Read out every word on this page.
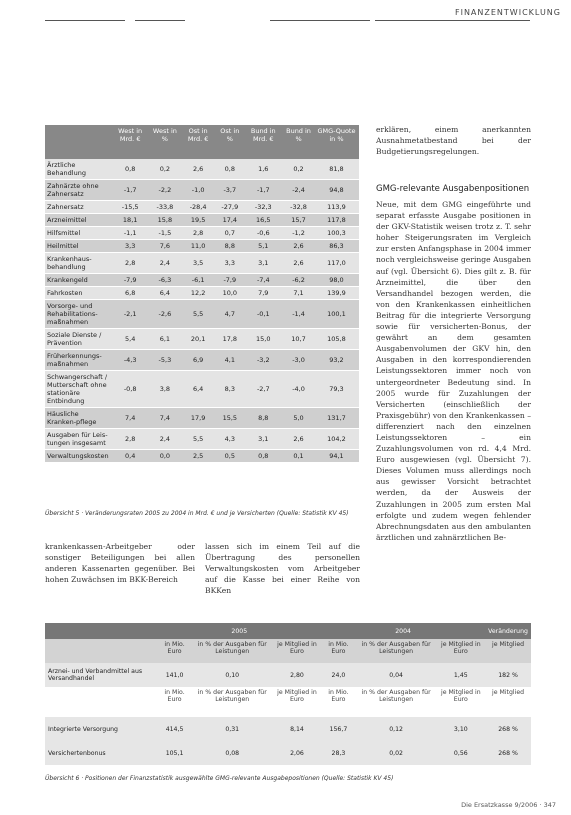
FINANZENTWICKLUNG
	West in Mrd. €	West in %	Ost in Mrd. €	Ost in %	Bund in Mrd. €	Bund in %	GMG-Quote in %
Ärztliche Behandlung	0,8	0,2	2,6	0,8	1,6	0,2	81,8
Zahnärzte ohne Zahnersatz	-1,7	-2,2	-1,0	-3,7	-1,7	-2,4	94,8
Zahnersatz	-15,5	-33,8	-28,4	-27,9	-32,3	-32,8	113,9
Arzneimittel	18,1	15,8	19,5	17,4	16,5	15,7	117,8
Hilfsmittel	-1,1	-1,5	2,8	0,7	-0,6	-1,2	100,3
Heilmittel	3,3	7,6	11,0	8,8	5,1	2,6	86,3
Krankenhaus-behandlung	2,8	2,4	3,5	3,3	3,1	2,6	117,0
Krankengeld	-7,9	-6,3	-6,1	-7,9	-7,4	-6,2	98,0
Fahrkosten	6,8	6,4	12,2	10,0	7,9	7,1	139,9
Vorsorge- und Rehabilitations-maßnahmen	-2,1	-2,6	5,5	4,7	-0,1	-1,4	100,1
Soziale Dienste / Prävention	5,4	6,1	20,1	17,8	15,0	10,7	105,8
Früherkennungs-maßnahmen	-4,3	-5,3	6,9	4,1	-3,2	-3,0	93,2
Schwangerschaft / Mutterschaft ohne stationäre Entbindung	-0,8	3,8	6,4	8,3	-2,7	-4,0	79,3
Häusliche Kranken-pflege	7,4	7,4	17,9	15,5	8,8	5,0	131,7
Ausgaben für Leis-tungen insgesamt	2,8	2,4	5,5	4,3	3,1	2,6	104,2
Verwaltungskosten	0,4	0,0	2,5	0,5	0,8	0,1	94,1
Übersicht 5 · Veränderungsraten 2005 zu 2004 in Mrd. € und je Versicherten (Quelle: Statistik KV 45)
krankenkassen-Arbeitgeber oder sonstiger Beteiligungen bei allen anderen Kassenarten gegenüber. Bei hohen Zuwächsen im BKK-Bereich
lassen sich im einem Teil auf die Übertragung des personellen Verwaltungskosten vom Arbeitgeber auf die Kasse bei einer Reihe von BKKen
erklären, einem anerkannten Ausnahmetatbestand bei der Budgetierungsregelungen.
GMG-relevante Ausgabenpositionen
Neue, mit dem GMG eingeführte und separat erfasste Ausgabe positionen in der GKV-Statistik weisen trotz z. T. sehr hoher Steigerungsraten im Vergleich zur ersten Anfangsphase in 2004 immer noch vergleichsweise geringe Ausgaben auf (vgl. Übersicht 6). Dies gilt z. B. für Arzneimittel, die über den Versandhandel bezogen werden, die von den Krankenkassen einheitlichen Beitrag für die integrierte Versorgung sowie für versicherten-Bonus, der gewährt an dem gesamten Ausgabenvolumen der GKV hin, den Ausgaben in den korrespondierenden Leistungssektoren immer noch von untergeordneter Bedeutung sind. In 2005 wurde für Zuzahlungen der Versicherten (einschließlich der Praxisgebühr) von den Krankenkassen – differenziert nach den einzelnen Leistungssektoren – ein Zuzahlungsvolumen von rd. 4,4 Mrd. Euro ausgewiesen (vgl. Übersicht 7). Dieses Volumen muss allerdings noch aus gewisser Vorsicht betrachtet werden, da der Ausweis der Zuzahlungen in 2005 zum ersten Mal erfolgte und zudem wegen fehlender Abrechnungsdaten aus den ambulanten ärztlichen und zahnärztlichen Be-
	2005			2004			Veränderung
	in Mio. Euro	in % der Ausgaben für Leistungen	je Mitglied in Euro	in Mio. Euro	in % der Ausgaben für Leistungen	je Mitglied in Euro	je Mitglied
Arznei- und Verbandmittel aus Versandhandel	141,0	0,10	2,80	24,0	0,04	1,45	182 %
	in Mio. Euro	in % der Ausgaben für Leistungen	je Mitglied in Euro	in Mio. Euro	in % der Ausgaben für Leistungen	je Mitglied in Euro	je Mitglied
Integrierte Versorgung	414,5	0,31	8,14	156,7	0,12	3,10	268 %
Versichertenbonus	105,1	0,08	2,06	28,3	0,02	0,56	268 %
Übersicht 6 · Positionen der Finanzstatistik ausgewählte GMG-relevante Ausgabepositionen (Quelle: Statistik KV 45)
Die Ersatzkasse 9/2006 · 347
